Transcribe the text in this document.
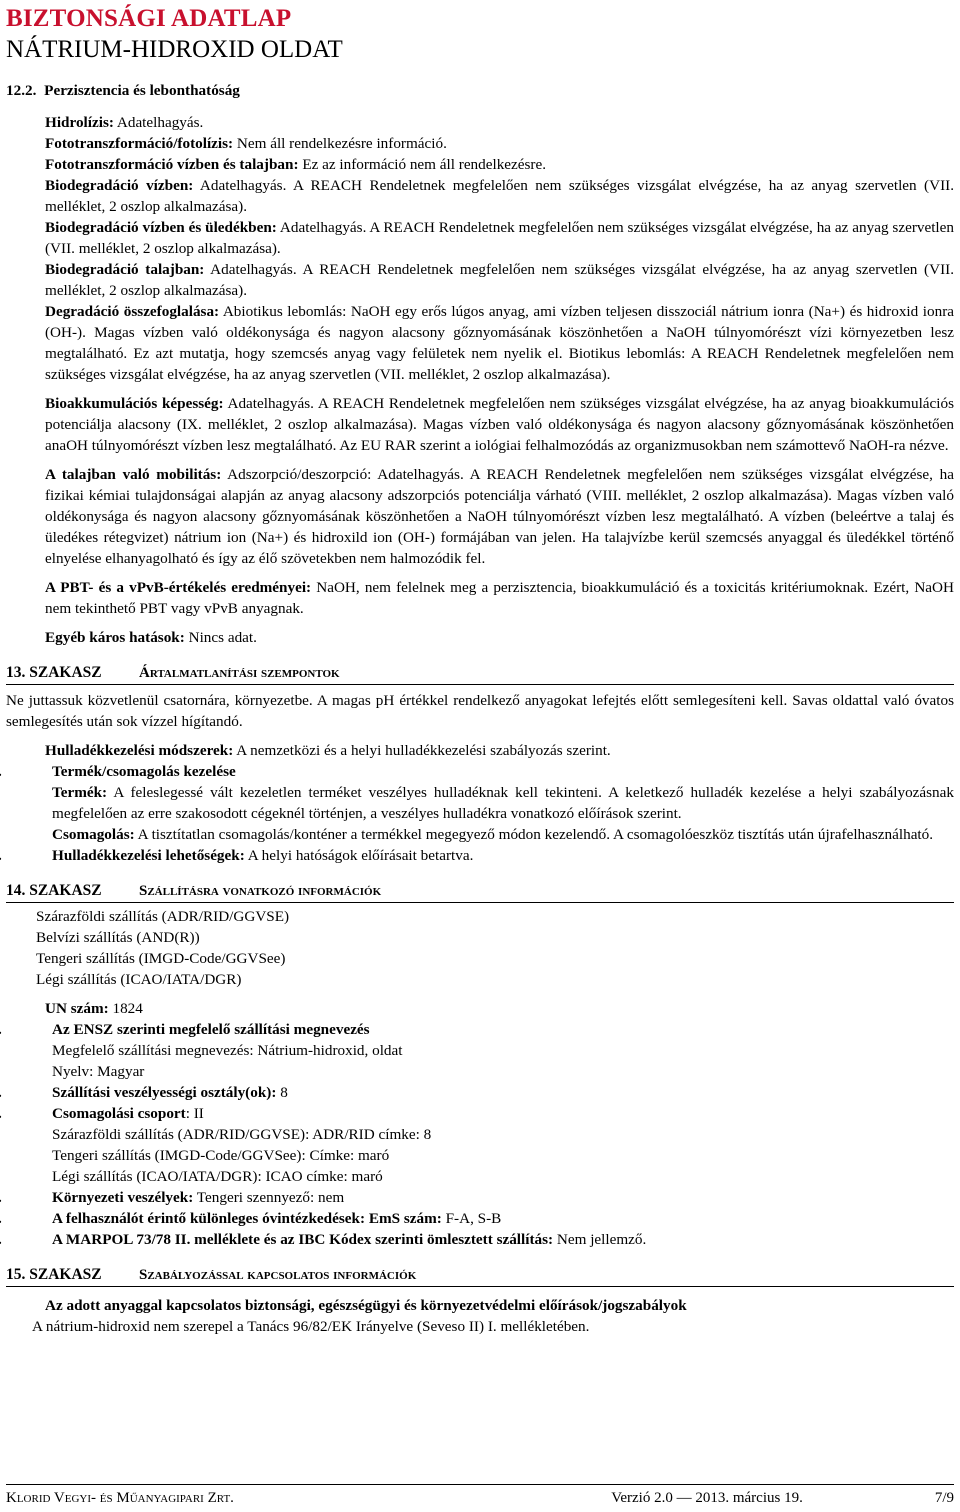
BIZTONSÁGI ADATLAP
NÁTRIUM-HIDROXID OLDAT
12.2. Perzisztencia és lebonthatóság
Hidrolízis: Adatelhagyás.
Fototranszformáció/fotolízis: Nem áll rendelkezésre információ.
Fototranszformáció vízben és talajban: Ez az információ nem áll rendelkezésre.
Biodegradáció vízben: Adatelhagyás. A REACH Rendeletnek megfelelően nem szükséges vizsgálat elvégzése, ha az anyag szervetlen (VII. melléklet, 2 oszlop alkalmazása).
Biodegradáció vízben és üledékben: Adatelhagyás. A REACH Rendeletnek megfelelően nem szükséges vizsgálat elvégzése, ha az anyag szervetlen (VII. melléklet, 2 oszlop alkalmazása).
Biodegradáció talajban: Adatelhagyás. A REACH Rendeletnek megfelelően nem szükséges vizsgálat elvégzése, ha az anyag szervetlen (VII. melléklet, 2 oszlop alkalmazása).
Degradáció összefoglalása: Abiotikus lebomlás: NaOH egy erős lúgos anyag, ami vízben teljesen disszociál nátrium ionra (Na+) és hidroxid ionra (OH-). Magas vízben való oldékonysága és nagyon alacsony gőznyomásának köszönhetően a NaOH túlnyomórészt vízi környezetben lesz megtalálható. Ez azt mutatja, hogy szemcsés anyag vagy felületek nem nyelik el. Biotikus lebomlás: A REACH Rendeletnek megfelelően nem szükséges vizsgálat elvégzése, ha az anyag szervetlen (VII. melléklet, 2 oszlop alkalmazása).
Bioakkumulációs képesség: Adatelhagyás. A REACH Rendeletnek megfelelően nem szükséges vizsgálat elvégzése, ha az anyag bioakkumulációs potenciálja alacsony (IX. melléklet, 2 oszlop alkalmazása). Magas vízben való oldékonysága és nagyon alacsony gőznyomásának köszönhetően anaOH túlnyomórészt vízben lesz megtalálható. Az EU RAR szerint a iológiai felhalmozódás az organizmusokban nem számottevő NaOH-ra nézve.
A talajban való mobilitás: Adszorpció/deszorpció: Adatelhagyás. A REACH Rendeletnek megfelelően nem szükséges vizsgálat elvégzése, ha fizikai kémiai tulajdonságai alapján az anyag alacsony adszorpciós potenciálja várható (VIII. melléklet, 2 oszlop alkalmazása). Magas vízben való oldékonysága és nagyon alacsony gőznyomásának köszönhetően a NaOH túlnyomórészt vízben lesz megtalálható. A vízben (beleértve a talaj és üledékes rétegvizet) nátrium ion (Na+) és hidroxild ion (OH-) formájában van jelen. Ha talajvízbe kerül szemcsés anyaggal és üledékkel történő elnyelése elhanyagolható és így az élő szövetekben nem halmozódik fel.
A PBT- és a vPvB-értékelés eredményei: NaOH, nem felelnek meg a perzisztencia, bioakkumuláció és a toxicitás kritériumoknak. Ezért, NaOH nem tekinthető PBT vagy vPvB anyagnak.
Egyéb káros hatások: Nincs adat.
13. SZAKASZ	Ártalmatlanítási szempontok
Ne juttassuk közvetlenül csatornára, környezetbe. A magas pH értékkel rendelkező anyagokat lefejtés előtt semlegesíteni kell. Savas oldattal való óvatos semlegesítés után sok vízzel hígítandó.
Hulladékkezelési módszerek: A nemzetközi és a helyi hulladékkezelési szabályozás szerint.
Termék/csomagolás kezelése
Termék: A feleslegessé vált kezeletlen terméket veszélyes hulladéknak kell tekinteni. A keletkező hulladék kezelése a helyi szabályozásnak megfelelően az erre szakosodott cégeknél történjen, a veszélyes hulladékra vonatkozó előírások szerint.
Csomagolás: A tisztítatlan csomagolás/konténer a termékkel megegyező módon kezelendő. A csomagolóeszköz tisztítás után újrafelhasználható.
Hulladékkezelési lehetőségek: A helyi hatóságok előírásait betartva.
14. SZAKASZ	Szállításra vonatkozó információk
Szárazföldi szállítás (ADR/RID/GGVSE)
Belvízi szállítás (AND(R))
Tengeri szállítás (IMGD-Code/GGVSee)
Légi szállítás (ICAO/IATA/DGR)
UN szám: 1824
Az ENSZ szerinti megfelelő szállítási megnevezés
Megfelelő szállítási megnevezés: Nátrium-hidroxid, oldat
Nyelv: Magyar
Szállítási veszélyességi osztály(ok): 8
Csomagolási csoport: II
Szárazföldi szállítás (ADR/RID/GGVSE): ADR/RID címke: 8
Tengeri szállítás (IMGD-Code/GGVSee): Címke: maró
Légi szállítás (ICAO/IATA/DGR): ICAO címke: maró
Környezeti veszélyek: Tengeri szennyező: nem
A felhasználót érintő különleges óvintézkedések: EmS szám: F-A, S-B
A MARPOL 73/78 II. melléklete és az IBC Kódex szerinti ömlesztett szállítás: Nem jellemző.
15. SZAKASZ	Szabályozással kapcsolatos információk
Az adott anyaggal kapcsolatos biztonsági, egészségügyi és környezetvédelmi előírások/jogszabályok
A nátrium-hidroxid nem szerepel a Tanács 96/82/EK Irányelve (Seveso II) I. mellékletében.
Klorid Vegyi- és Műanyagipari Zrt.	Verzió 2.0 — 2013. március 19.	7/9
